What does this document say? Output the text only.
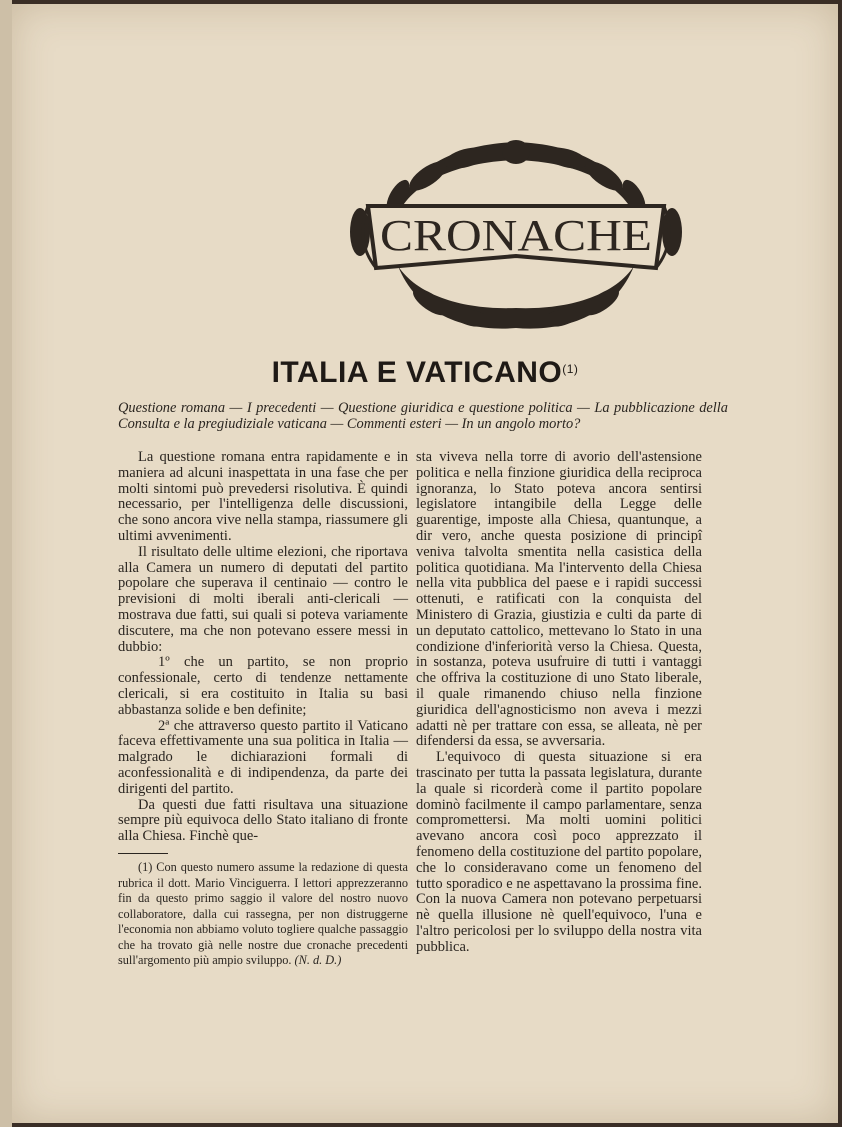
CRONACHE
ITALIA E VATICANO$^{(1)}$
Questione romana — I precedenti — Questione giuridica e questione politica — La pubblicazione della Consulta e la pregiudiziale vaticana — Commenti esteri — In un angolo morto?

La questione romana entra rapidamente e in maniera ad alcuni inaspettata in una fase che per molti sintomi può prevedersi risolutiva. È quindi necessario, per l'intelligenza delle discussioni, che sono ancora vive nella stampa, riassumere gli ultimi avvenimenti.

Il risultato delle ultime elezioni, che riportava alla Camera un numero di deputati del partito popolare che superava il centinaio — contro le previsioni di molti iberali anti-clericali — mostrava due fatti, sui quali si poteva variamente discutere, ma che non potevano essere messi in dubbio:

1º che un partito, se non proprio confessionale, certo di tendenze nettamente clericali, si era costituito in Italia su basi abbastanza solide e ben definite;

2ª che attraverso questo partito il Vaticano faceva effettivamente una sua politica in Italia — malgrado le dichiarazioni formali di aconfessionalità e di indipendenza, da parte dei dirigenti del partito.

Da questi due fatti risultava una situazione sempre più equivoca dello Stato italiano di fronte alla Chiesa. Finchè que-

(1) Con questo numero assume la redazione di questa rubrica il dott. Mario Vinciguerra. I lettori apprezzeranno fin da questo primo saggio il valore del nostro nuovo collaboratore, dalla cui rassegna, per non distruggerne l'economia non abbiamo voluto togliere qualche passaggio che ha trovato già nelle nostre due cronache precedenti sull'argomento più ampio sviluppo. (N. d. D.)

sta viveva nella torre di avorio dell'astensione politica e nella finzione giuridica della reciproca ignoranza, lo Stato poteva ancora sentirsi legislatore intangibile della Legge delle guarentige, imposte alla Chiesa, quantunque, a dir vero, anche questa posizione di principî veniva talvolta smentita nella casistica della politica quotidiana. Ma l'intervento della Chiesa nella vita pubblica del paese e i rapidi successi ottenuti, e ratificati con la conquista del Ministero di Grazia, giustizia e culti da parte di un deputato cattolico, mettevano lo Stato in una condizione d'inferiorità verso la Chiesa. Questa, in sostanza, poteva usufruire di tutti i vantaggi che offriva la costituzione di uno Stato liberale, il quale rimanendo chiuso nella finzione giuridica dell'agnosticismo non aveva i mezzi adatti nè per trattare con essa, se alleata, nè per difendersi da essa, se avversaria.

L'equivoco di questa situazione si era trascinato per tutta la passata legislatura, durante la quale si ricorderà come il partito popolare dominò facilmente il campo parlamentare, senza compromettersi. Ma molti uomini politici avevano ancora così poco apprezzato il fenomeno della costituzione del partito popolare, che lo consideravano come un fenomeno del tutto sporadico e ne aspettavano la prossima fine. Con la nuova Camera non potevano perpetuarsi nè quella illusione nè quell'equivoco, l'una e l'altro pericolosi per lo sviluppo della nostra vita pubblica.
